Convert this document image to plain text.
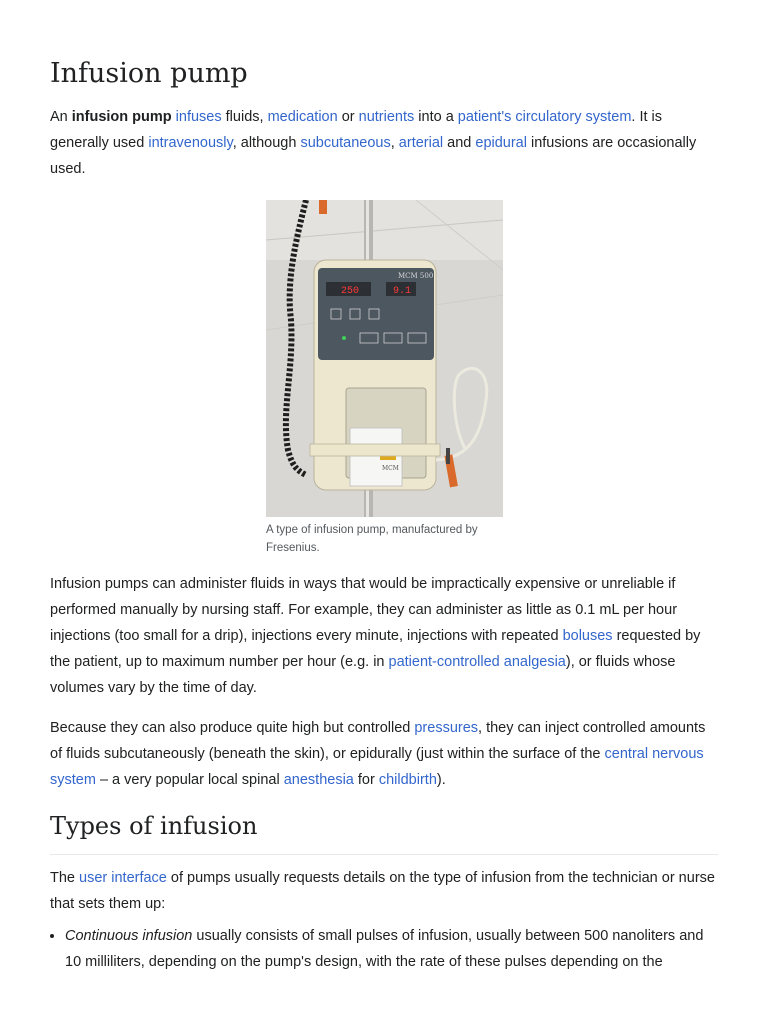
Infusion pump

An infusion pump infuses fluids, medication or nutrients into a patient's circulatory system. It is generally used intravenously, although subcutaneous, arterial and epidural infusions are occasionally used.

MCM 500
250	9.1
MCM
A type of infusion pump, manufactured by Fresenius.

Infusion pumps can administer fluids in ways that would be impractically expensive or unreliable if performed manually by nursing staff. For example, they can administer as little as 0.1 mL per hour injections (too small for a drip), injections every minute, injections with repeated boluses requested by the patient, up to maximum number per hour (e.g. in patient-controlled analgesia), or fluids whose volumes vary by the time of day.

Because they can also produce quite high but controlled pressures, they can inject controlled amounts of fluids subcutaneously (beneath the skin), or epidurally (just within the surface of the central nervous system – a very popular local spinal anesthesia for childbirth).

Types of infusion

The user interface of pumps usually requests details on the type of infusion from the technician or nurse that sets them up:

• Continuous infusion usually consists of small pulses of infusion, usually between 500 nanoliters and 10 milliliters, depending on the pump's design, with the rate of these pulses depending on the
